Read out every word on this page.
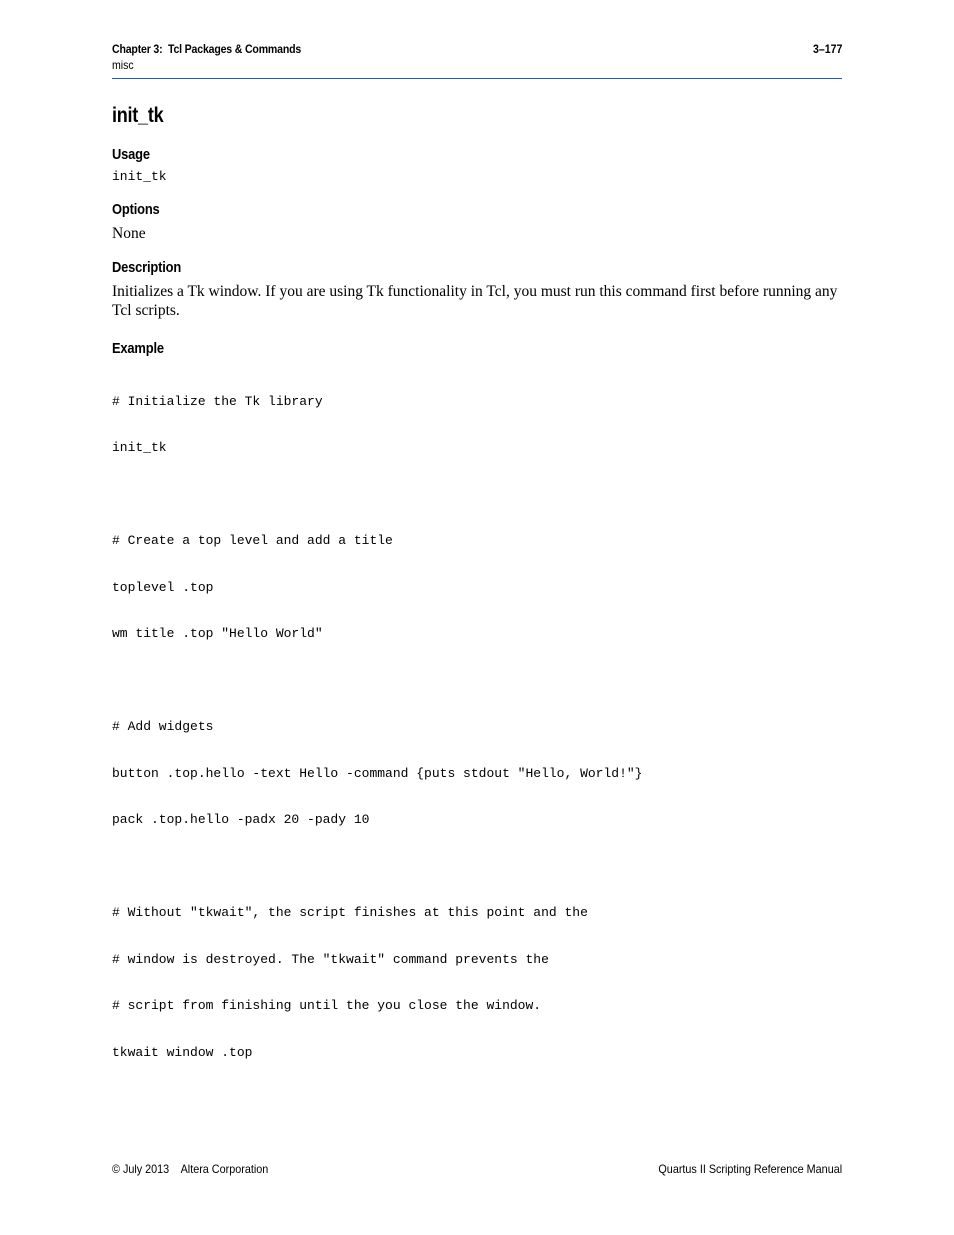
Chapter 3:  Tcl Packages & Commands
misc
3–177
init_tk
Usage
init_tk
Options

None

Description

Initializes a Tk window. If you are using Tk functionality in Tcl, you must run this command first before running any Tcl scripts.

Example

# Initialize the Tk library

init_tk

# Create a top level and add a title

toplevel .top

wm title .top "Hello World"

# Add widgets

button .top.hello -text Hello -command {puts stdout "Hello, World!"}

pack .top.hello -padx 20 -pady 10

# Without "tkwait", the script finishes at this point and the

# window is destroyed. The "tkwait" command prevents the

# script from finishing until the you close the window.

tkwait window .top

© July 2013    Altera Corporation	Quartus II Scripting Reference Manual
